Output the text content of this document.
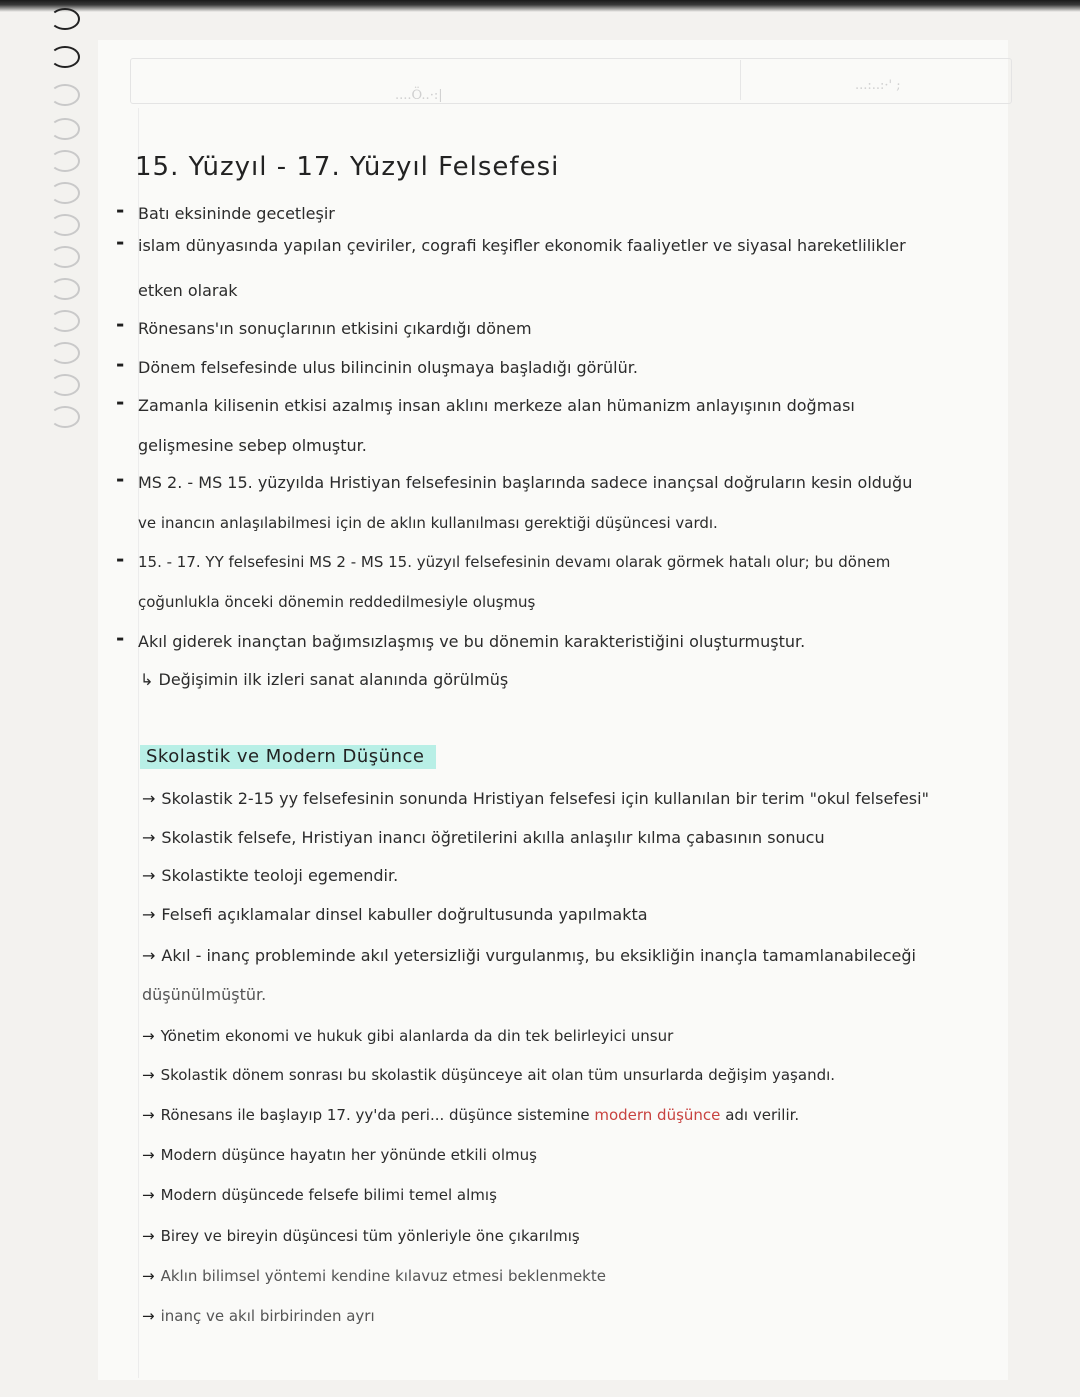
....Ö..·:|
...:..:·' ;
15. Yüzyıl - 17. Yüzyıl Felsefesi
- Batı eksininde gecetleşir
- islam dünyasında yapılan çeviriler, cografi keşifler ekonomik faaliyetler ve siyasal hareketlilikler
etken olarak
- Rönesans'ın sonuçlarının etkisini çıkardığı dönem
- Dönem felsefesinde ulus bilincinin oluşmaya başladığı görülür.
- Zamanla kilisenin etkisi azalmış insan aklını merkeze alan hümanizm anlayışının doğması
gelişmesine sebep olmuştur.
- MS 2. - MS 15. yüzyılda Hristiyan felsefesinin başlarında sadece inançsal doğruların kesin olduğu
ve inancın anlaşılabilmesi için de aklın kullanılması gerektiği düşüncesi vardı.
- 15. - 17. YY felsefesini MS 2 - MS 15. yüzyıl felsefesinin devamı olarak görmek hatalı olur; bu dönem
çoğunlukla önceki dönemin reddedilmesiyle oluşmuş
- Akıl giderek inançtan bağımsızlaşmış ve bu dönemin karakteristiğini oluşturmuştur.
↳ Değişimin ilk izleri sanat alanında görülmüş
Skolastik ve Modern Düşünce
→ Skolastik 2-15 yy felsefesinin sonunda Hristiyan felsefesi için kullanılan bir terim "okul felsefesi"
→ Skolastik felsefe, Hristiyan inancı öğretilerini akılla anlaşılır kılma çabasının sonucu
→ Skolastikte teoloji egemendir.
→ Felsefi açıklamalar dinsel kabuller doğrultusunda yapılmakta
→ Akıl - inanç probleminde akıl yetersizliği vurgulanmış, bu eksikliğin inançla tamamlanabileceği
düşünülmüştür.
→ Yönetim ekonomi ve hukuk gibi alanlarda da din tek belirleyici unsur
→ Skolastik dönem sonrası bu skolastik düşünceye ait olan tüm unsurlarda değişim yaşandı.
→ Rönesans ile başlayıp 17. yy'da peri... düşünce sistemine modern düşünce adı verilir.
→ Modern düşünce hayatın her yönünde etkili olmuş
→ Modern düşüncede felsefe bilimi temel almış
→ Birey ve bireyin düşüncesi tüm yönleriyle öne çıkarılmış
→ Aklın bilimsel yöntemi kendine kılavuz etmesi beklenmekte
→ inanç ve akıl birbirinden ayrı
